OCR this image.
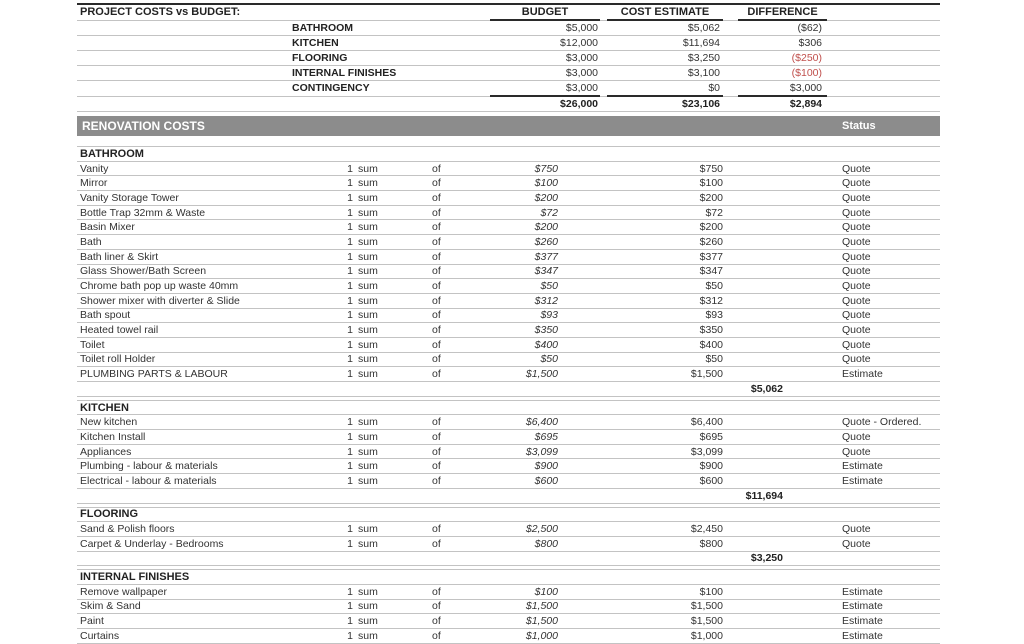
PROJECT COSTS vs BUDGET:		BUDGET		COST ESTIMATE		DIFFERENCE	
	BATHROOM	$5,000		$5,062		($62)	
	KITCHEN	$12,000		$11,694		$306	
	FLOORING	$3,000		$3,250		($250)	
	INTERNAL FINISHES	$3,000		$3,100		($100)	
	CONTINGENCY	$3,000		$0		$3,000	
		$26,000		$23,106		$2,894	
RENOVATION COSTS	Status

BATHROOM							
Vanity	1	sum	of	$750	$750		Quote
Mirror	1	sum	of	$100	$100		Quote
Vanity Storage Tower	1	sum	of	$200	$200		Quote
Bottle Trap 32mm & Waste	1	sum	of	$72	$72		Quote
Basin Mixer	1	sum	of	$200	$200		Quote
Bath	1	sum	of	$260	$260		Quote
Bath liner & Skirt	1	sum	of	$377	$377		Quote
Glass Shower/Bath Screen	1	sum	of	$347	$347		Quote
Chrome bath pop up waste 40mm	1	sum	of	$50	$50		Quote
Shower mixer with diverter & Slide	1	sum	of	$312	$312		Quote
Bath spout	1	sum	of	$93	$93		Quote
Heated towel rail	1	sum	of	$350	$350		Quote
Toilet	1	sum	of	$400	$400		Quote
Toilet roll Holder	1	sum	of	$50	$50		Quote
PLUMBING PARTS & LABOUR	1	sum	of	$1,500	$1,500		Estimate
						$5,062	

KITCHEN							
New kitchen	1	sum	of	$6,400	$6,400		Quote - Ordered.
Kitchen Install	1	sum	of	$695	$695		Quote
Appliances	1	sum	of	$3,099	$3,099		Quote
Plumbing - labour & materials	1	sum	of	$900	$900		Estimate
Electrical - labour & materials	1	sum	of	$600	$600		Estimate
						$11,694	

FLOORING							
Sand & Polish floors	1	sum	of	$2,500	$2,450		Quote
Carpet & Underlay - Bedrooms	1	sum	of	$800	$800		Quote
						$3,250	

INTERNAL FINISHES							
Remove wallpaper	1	sum	of	$100	$100		Estimate
Skim & Sand	1	sum	of	$1,500	$1,500		Estimate
Paint	1	sum	of	$1,500	$1,500		Estimate
Curtains	1	sum	of	$1,000	$1,000		Estimate
